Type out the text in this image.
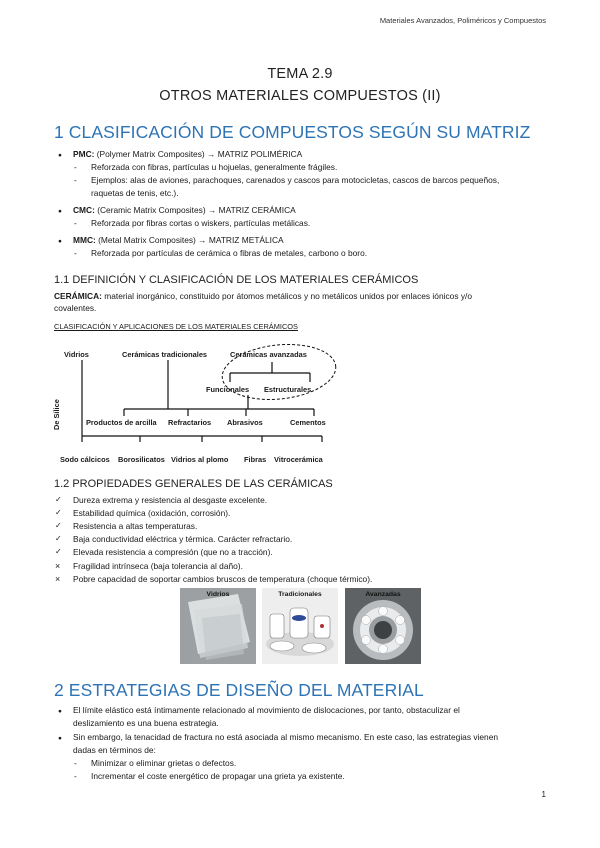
Materiales Avanzados, Poliméricos y Compuestos
TEMA 2.9
OTROS MATERIALES COMPUESTOS (II)
1 CLASIFICACIÓN DE COMPUESTOS SEGÚN SU MATRIZ
● PMC: (Polymer Matrix Composites) → MATRIZ POLIMÉRICA
- Reforzada con fibras, partículas u hojuelas, generalmente frágiles.
- Ejemplos: alas de aviones, parachoques, carenados y cascos para motocicletas, cascos de barcos pequeños,
raquetas de tenis, etc.).
● CMC: (Ceramic Matrix Composites) → MATRIZ CERÁMICA
- Reforzada por fibras cortas o wiskers, partículas metálicas.
● MMC: (Metal Matrix Composites) → MATRIZ METÁLICA
- Reforzada por partículas de cerámica o fibras de metales, carbono o boro.
1.1 DEFINICIÓN Y CLASIFICACIÓN DE LOS MATERIALES CERÁMICOS
CERÁMICA: material inorgánico, constituido por átomos metálicos y no metálicos unidos por enlaces iónicos y/o
covalentes.
CLASIFICACIÓN Y APLICACIONES DE LOS MATERIALES CERÁMICOS
Vidrios	Cerámicas tradicionales	Cerámicas avanzadas
Funcionales Estructurales
De Sílice	Productos de arcilla Refractarios Abrasivos	Cementos
Sodo cálcicos Borosilicatos Vidrios al plomo Fibras Vitrocerámica
1.2 PROPIEDADES GENERALES DE LAS CERÁMICAS
✓ Dureza extrema y resistencia al desgaste excelente.
✓ Estabilidad química (oxidación, corrosión).
✓ Resistencia a altas temperaturas.
✓ Baja conductividad eléctrica y térmica. Carácter refractario.
✓ Elevada resistencia a compresión (que no a tracción).
× Fragilidad intrínseca (baja tolerancia al daño).
× Pobre capacidad de soportar cambios bruscos de temperatura (choque térmico).
Vidrios	Tradicionales	Avanzadas
2 ESTRATEGIAS DE DISEÑO DEL MATERIAL
● El límite elástico está íntimamente relacionado al movimiento de dislocaciones, por tanto, obstaculizar el
deslizamiento es una buena estrategia.
● Sin embargo, la tenacidad de fractura no está asociada al mismo mecanismo. En este caso, las estrategias vienen
dadas en términos de:
- Minimizar o eliminar grietas o defectos.
- Incrementar el coste energético de propagar una grieta ya existente.
1
